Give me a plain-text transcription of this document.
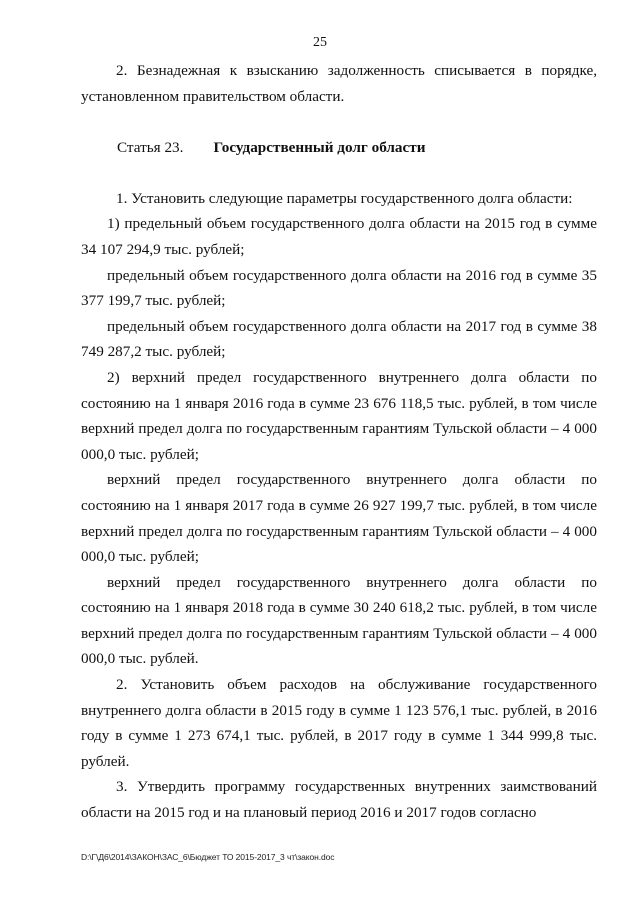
25

2. Безнадежная к взысканию задолженность списывается в порядке, установленном правительством области.

Статья 23. Государственный долг области

1. Установить следующие параметры государственного долга области:

1) предельный объем государственного долга области на 2015 год в сумме 34 107 294,9 тыс. рублей;

предельный объем государственного долга области на 2016 год в сумме 35 377 199,7 тыс. рублей;

предельный объем государственного долга области на 2017 год в сумме 38 749 287,2 тыс. рублей;

2) верхний предел государственного внутреннего долга области по состоянию на 1 января 2016 года в сумме 23 676 118,5 тыс. рублей, в том числе верхний предел долга по государственным гарантиям Тульской области – 4 000 000,0 тыс. рублей;

верхний предел государственного внутреннего долга области по состоянию на 1 января 2017 года в сумме 26 927 199,7 тыс. рублей, в том числе верхний предел долга по государственным гарантиям Тульской области – 4 000 000,0 тыс. рублей;

верхний предел государственного внутреннего долга области по состоянию на 1 января 2018 года в сумме 30 240 618,2 тыс. рублей, в том числе верхний предел долга по государственным гарантиям Тульской области – 4 000 000,0 тыс. рублей.

2. Установить объем расходов на обслуживание государственного внутреннего долга области в 2015 году в сумме 1 123 576,1 тыс. рублей, в 2016 году в сумме 1 273 674,1 тыс. рублей, в 2017 году в сумме 1 344 999,8 тыс. рублей.

3. Утвердить программу государственных внутренних заимствований области на 2015 год и на плановый период 2016 и 2017 годов согласно

D:\Г\Д6\2014\ЗАКОН\ЗАС_6\Бюджет ТО 2015-2017_3 чт\закон.doc
